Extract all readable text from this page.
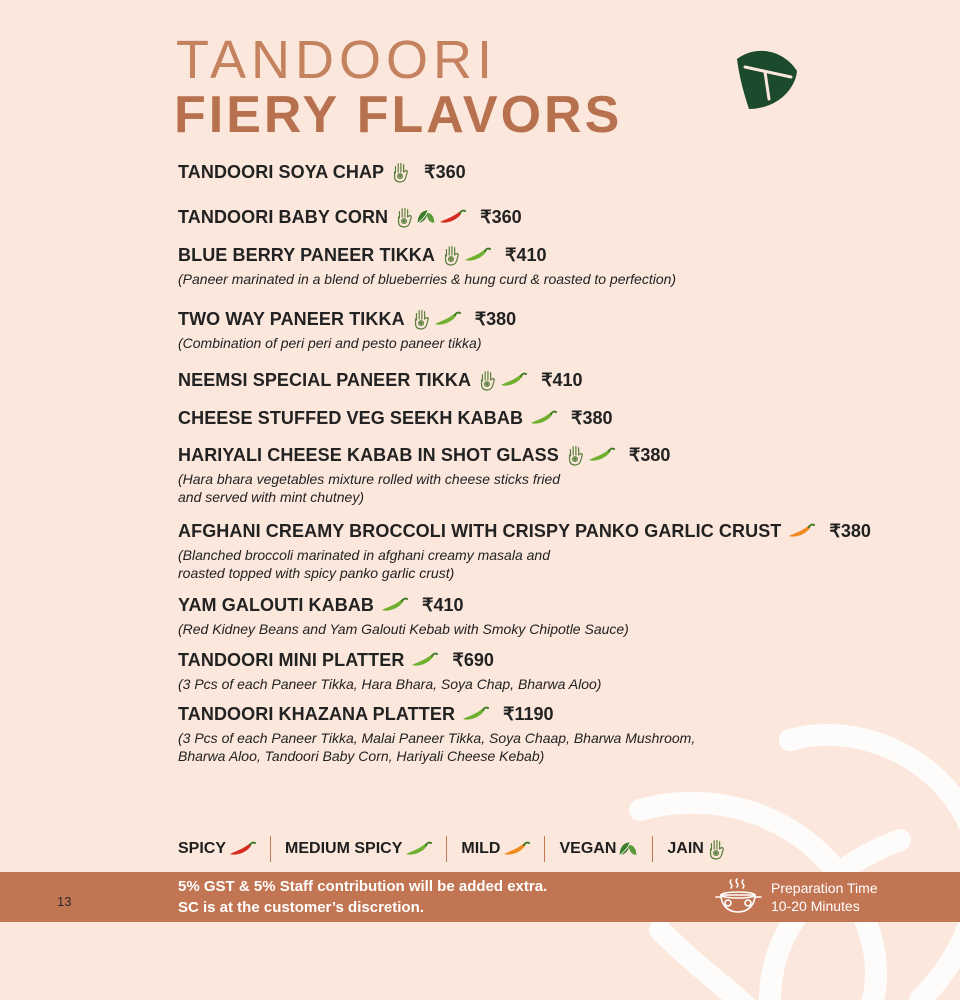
TANDOORI
FIERY FLAVORS
TANDOORI SOYA CHAP ₹360
TANDOORI BABY CORN	₹360
BLUE BERRY PANEER TIKKA	₹410
(Paneer marinated in a blend of blueberries & hung curd & roasted to perfection)
TWO WAY PANEER TIKKA	₹380
(Combination of peri peri and pesto paneer tikka)
NEEMSI SPECIAL PANEER TIKKA	₹410
CHEESE STUFFED VEG SEEKH KABAB	₹380
HARIYALI CHEESE KABAB IN SHOT GLASS	₹380
(Hara bhara vegetables mixture rolled with cheese sticks fried
and served with mint chutney)
AFGHANI CREAMY BROCCOLI WITH CRISPY PANKO GARLIC CRUST	₹380
(Blanched broccoli marinated in afghani creamy masala and
roasted topped with spicy panko garlic crust)
YAM GALOUTI KABAB	₹410
(Red Kidney Beans and Yam Galouti Kebab with Smoky Chipotle Sauce)
TANDOORI MINI PLATTER	₹690
(3 Pcs of each Paneer Tikka, Hara Bhara, Soya Chap, Bharwa Aloo)
TANDOORI KHAZANA PLATTER	₹1190
(3 Pcs of each Paneer Tikka, Malai Paneer Tikka, Soya Chaap, Bharwa Mushroom,
Bharwa Aloo, Tandoori Baby Corn, Hariyali Cheese Kebab)
SPICY	MEDIUM SPICY	MILD	VEGAN	JAIN
13
5% GST & 5% Staff contribution will be added extra.
SC is at the customer’s discretion.
Preparation Time
10-20 Minutes
